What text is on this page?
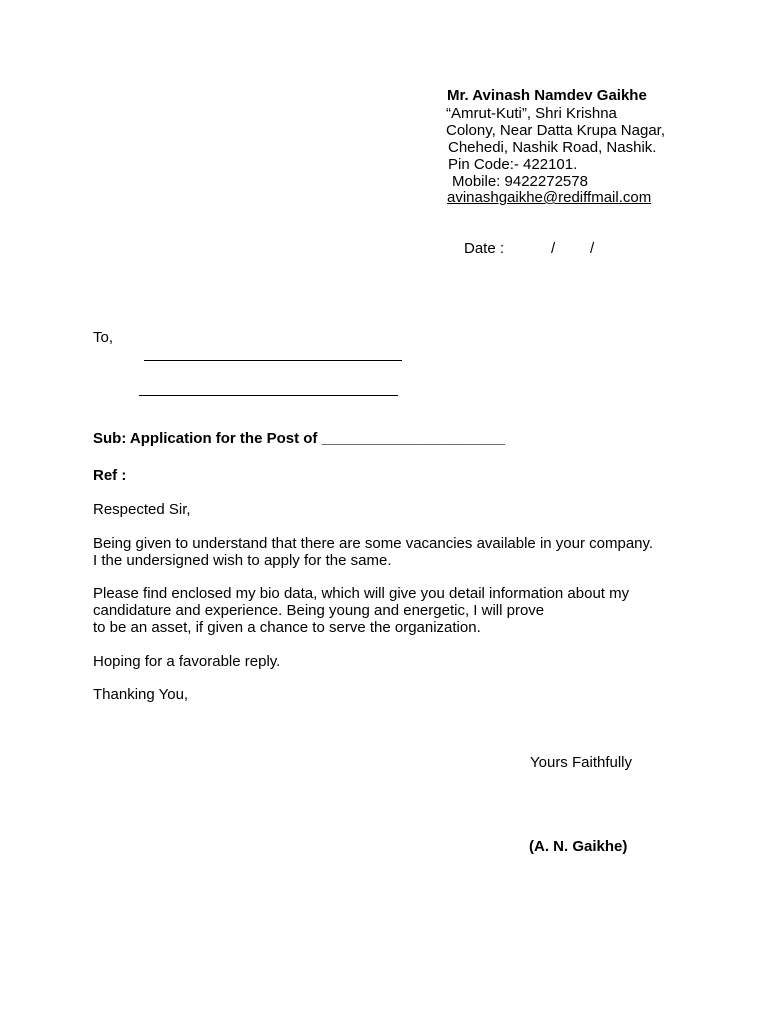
Mr. Avinash Namdev Gaikhe
“Amrut-Kuti”, Shri Krishna
Colony, Near Datta Krupa Nagar,
Chehedi, Nashik Road, Nashik.
Pin Code:- 422101.
Mobile: 9422272578
avinashgaikhe@rediffmail.com
Date :	/ /
To,
Sub: Application for the Post of ______________________
Ref :
Respected Sir,
Being given to understand that there are some vacancies available in your company.
I the undersigned wish to apply for the same.
Please find enclosed my bio data, which will give you detail information about my
candidature and experience. Being young and energetic, I will prove
to be an asset, if given a chance to serve the organization.
Hoping for a favorable reply.
Thanking You,
Yours Faithfully
(A. N. Gaikhe)
